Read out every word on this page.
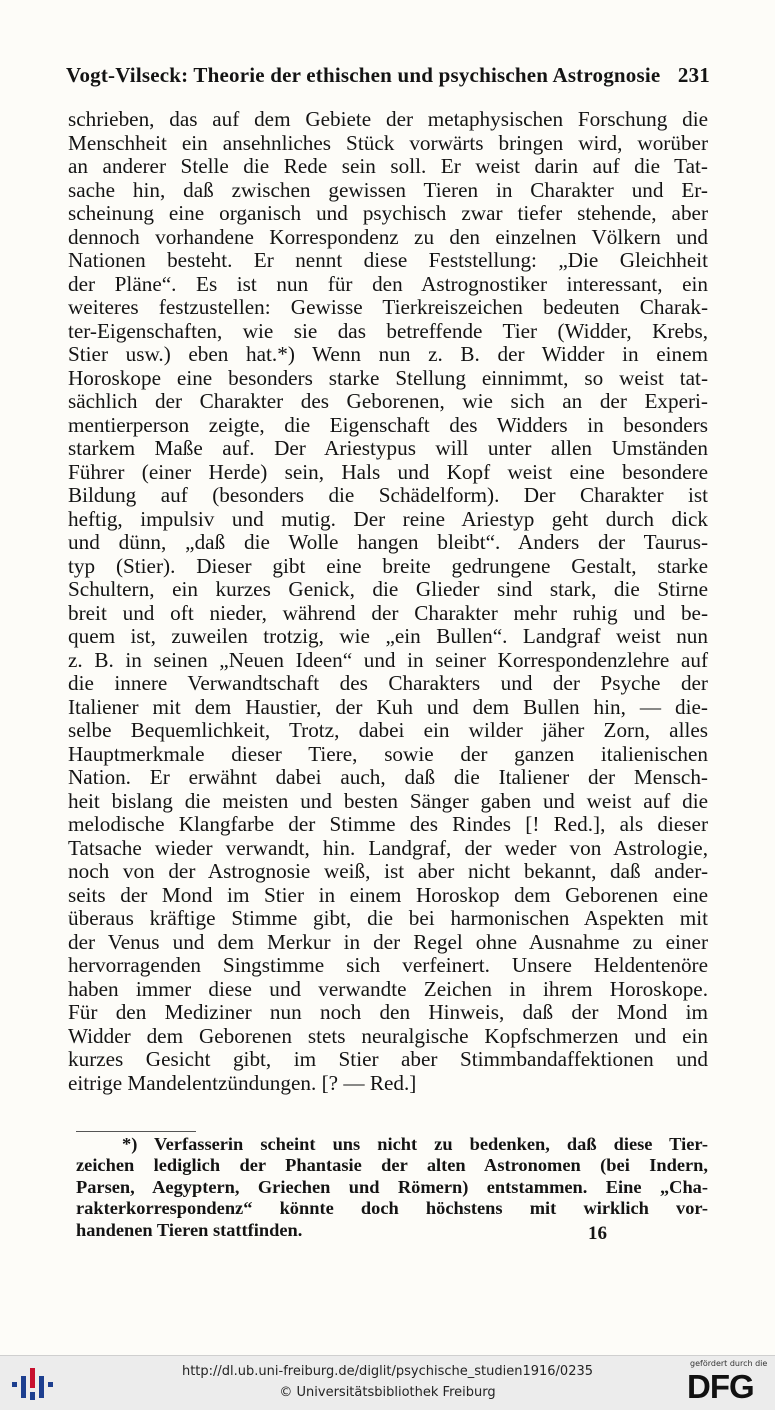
Vogt-Vilseck: Theorie der ethischen und psychischen Astrognosie 231
schrieben, das auf dem Gebiete der metaphysischen Forschung die
Menschheit ein ansehnliches Stück vorwärts bringen wird, worüber
an anderer Stelle die Rede sein soll. Er weist darin auf die Tat-
sache hin, daß zwischen gewissen Tieren in Charakter und Er-
scheinung eine organisch und psychisch zwar tiefer stehende, aber
dennoch vorhandene Korrespondenz zu den einzelnen Völkern und
Nationen besteht. Er nennt diese Feststellung: „Die Gleichheit
der Pläne“. Es ist nun für den Astrognostiker interessant, ein
weiteres festzustellen: Gewisse Tierkreiszeichen bedeuten Charak-
ter-Eigenschaften, wie sie das betreffende Tier (Widder, Krebs,
Stier usw.) eben hat.*) Wenn nun z. B. der Widder in einem
Horoskope eine besonders starke Stellung einnimmt, so weist tat-
sächlich der Charakter des Geborenen, wie sich an der Experi-
mentierperson zeigte, die Eigenschaft des Widders in besonders
starkem Maße auf. Der Ariestypus will unter allen Umständen
Führer (einer Herde) sein, Hals und Kopf weist eine besondere
Bildung auf (besonders die Schädelform). Der Charakter ist
heftig, impulsiv und mutig. Der reine Ariestyp geht durch dick
und dünn, „daß die Wolle hangen bleibt“. Anders der Taurus-
typ (Stier). Dieser gibt eine breite gedrungene Gestalt, starke
Schultern, ein kurzes Genick, die Glieder sind stark, die Stirne
breit und oft nieder, während der Charakter mehr ruhig und be-
quem ist, zuweilen trotzig, wie „ein Bullen“. Landgraf weist nun
z. B. in seinen „Neuen Ideen“ und in seiner Korrespondenzlehre auf
die innere Verwandtschaft des Charakters und der Psyche der
Italiener mit dem Haustier, der Kuh und dem Bullen hin, — die-
selbe Bequemlichkeit, Trotz, dabei ein wilder jäher Zorn, alles
Hauptmerkmale dieser Tiere, sowie der ganzen italienischen
Nation. Er erwähnt dabei auch, daß die Italiener der Mensch-
heit bislang die meisten und besten Sänger gaben und weist auf die
melodische Klangfarbe der Stimme des Rindes [! Red.], als dieser
Tatsache wieder verwandt, hin. Landgraf, der weder von Astrologie,
noch von der Astrognosie weiß, ist aber nicht bekannt, daß ander-
seits der Mond im Stier in einem Horoskop dem Geborenen eine
überaus kräftige Stimme gibt, die bei harmonischen Aspekten mit
der Venus und dem Merkur in der Regel ohne Ausnahme zu einer
hervorragenden Singstimme sich verfeinert. Unsere Heldentenöre
haben immer diese und verwandte Zeichen in ihrem Horoskope.
Für den Mediziner nun noch den Hinweis, daß der Mond im
Widder dem Geborenen stets neuralgische Kopfschmerzen und ein
kurzes Gesicht gibt, im Stier aber Stimmbandaffektionen und
eitrige Mandelentzündungen. [? — Red.]
*) Verfasserin scheint uns nicht zu bedenken, daß diese Tier-
zeichen lediglich der Phantasie der alten Astronomen (bei Indern,
Parsen, Aegyptern, Griechen und Römern) entstammen. Eine „Cha-
rakterkorrespondenz“ könnte doch höchstens mit wirklich vor-
handenen Tieren stattfinden.	16
http://dl.ub.uni-freiburg.de/diglit/psychische_studien1916/0235
© Universitätsbibliothek Freiburg
gefördert durch die
DFG
